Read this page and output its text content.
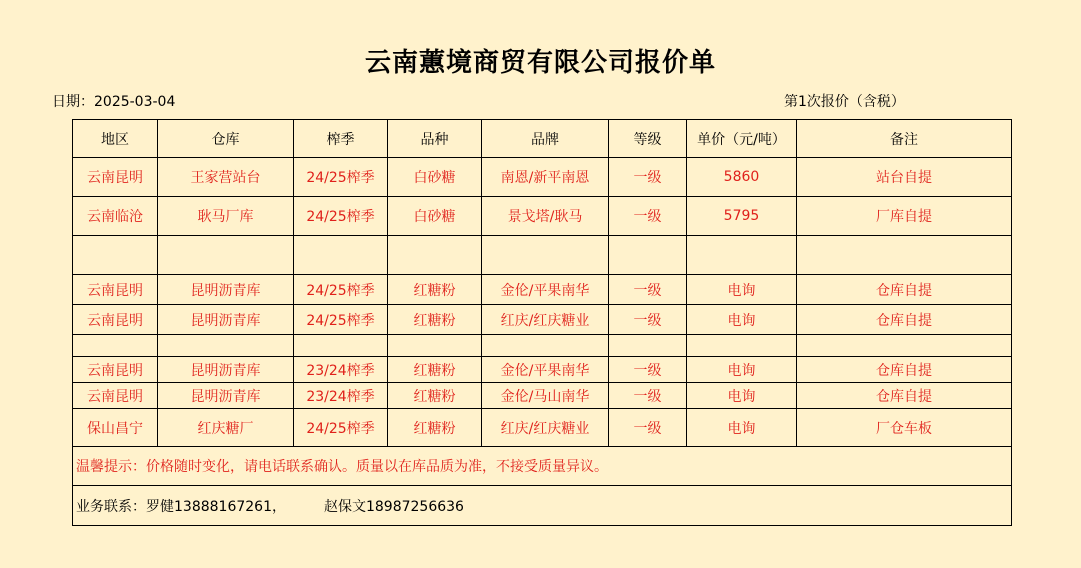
云南蕙境商贸有限公司报价单
日期：2025-03-04	第1次报价（含税）
地区	仓库	榨季	品种	品牌	等级	单价（元/吨）	备注
云南昆明	王家营站台	24/25榨季	白砂糖	南恩/新平南恩	一级	5860	站台自提
云南临沧	耿马厂库	24/25榨季	白砂糖	景戈塔/耿马	一级	5795	厂库自提

云南昆明	昆明沥青库	24/25榨季	红糖粉	金伦/平果南华	一级	电询	仓库自提
云南昆明	昆明沥青库	24/25榨季	红糖粉	红庆/红庆糖业	一级	电询	仓库自提

云南昆明	昆明沥青库	23/24榨季	红糖粉	金伦/平果南华	一级	电询	仓库自提
云南昆明	昆明沥青库	23/24榨季	红糖粉	金伦/马山南华	一级	电询	仓库自提
保山昌宁	红庆糖厂	24/25榨季	红糖粉	红庆/红庆糖业	一级	电询	厂仓车板
温馨提示：价格随时变化，请电话联系确认。质量以在库品质为准，不接受质量异议。							
业务联系：罗健13888167261， 赵保文18987256636							
